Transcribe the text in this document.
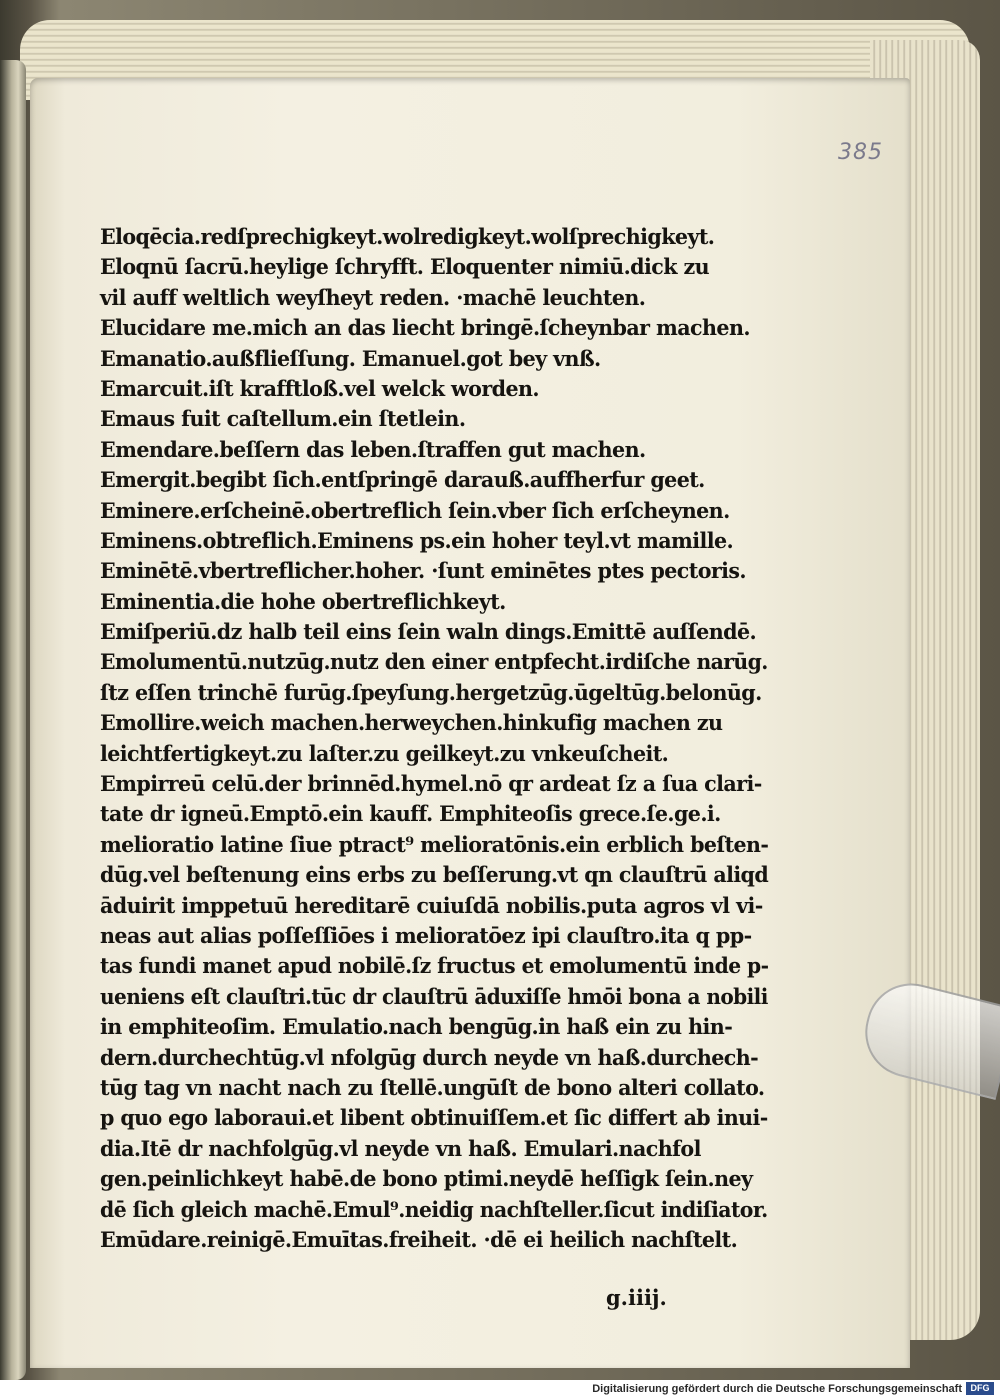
385
Eloqēcia.redſprechigkeyt.wolredigkeyt.wolſprechigkeyt.
Eloqnū ſacrū.heylige ſchryfft. Eloquenter nimiū.dick zu
vil auff weltlich weyſheyt reden. ·machē leuchten.
Elucidare me.mich an das liecht bringē.ſcheynbar machen.
Emanatio.außflieſſung. Emanuel.got bey vnß.
Emarcuit.iſt krafftloß.vel welck worden.
Emaus fuit caſtellum.ein ſtetlein.
Emendare.beſſern das leben.ſtraffen gut machen.
Emergit.begibt ſich.entſpringē darauß.auffherfur geet.
Eminere.erſcheinē.obertreflich ſein.vber ſich erſcheynen.
Eminens.obtreflich.Eminens ps.ein hoher teyl.vt mamille.
Eminētē.vbertreflicher.hoher. ·ſunt eminētes ptes pectoris.
Eminentia.die hohe obertreflichkeyt.
Emiſperiū.dz halb teil eins ſein waln dings.Emittē auſſendē.
Emolumentū.nutzūg.nutz den einer entpfecht.irdiſche narūg.
ſtz eſſen trinchē furūg.ſpeyſung.hergetzūg.ūgeltūg.belonūg.
Emollire.weich machen.herweychen.hinkufig machen zu
leichtfertigkeyt.zu laſter.zu geilkeyt.zu vnkeuſcheit.
Empirreū celū.der brinnēd.hymel.nō qr ardeat ſz a ſua clari-
tate dr igneū.Emptō.ein kauff. Emphiteoſis grece.ſe.ge.i.
melioratio latine ſiue ptract⁹ melioratōnis.ein erblich beſten-
dūg.vel beſtenung eins erbs zu beſſerung.vt qn clauſtrū aliqd
āduirit imppetuū hereditarē cuiuſdā nobilis.puta agros vl vi-
neas aut alias poſſeſſiōes i melioratōez ipi clauſtro.ita q pp-
tas fundi manet apud nobilē.ſz fructus et emolumentū inde p-
ueniens eſt clauſtri.tūc dr clauſtrū āduxiſſe hmōi bona a nobili
in emphiteoſim. Emulatio.nach bengūg.in haß ein zu hin-
dern.durchechtūg.vl nfolgūg durch neyde vn haß.durchech-
tūg tag vn nacht nach zu ſtellē.ungūſt de bono alteri collato.
p quo ego laboraui.et libent obtinuiſſem.et ſic differt ab inui-
dia.Itē dr nachfolgūg.vl neyde vn haß. Emulari.nachfol
gen.peinlichkeyt habē.de bono ptimi.neydē heſſigk ſein.ney
dē ſich gleich machē.Emul⁹.neidig nachſteller.ſicut indiſiator.
Emūdare.reinigē.Emuītas.freiheit. ·dē ei heilich nachſtelt.
g.iiij.
Digitalisierung gefördert durch die Deutsche Forschungsgemeinschaft DFG
